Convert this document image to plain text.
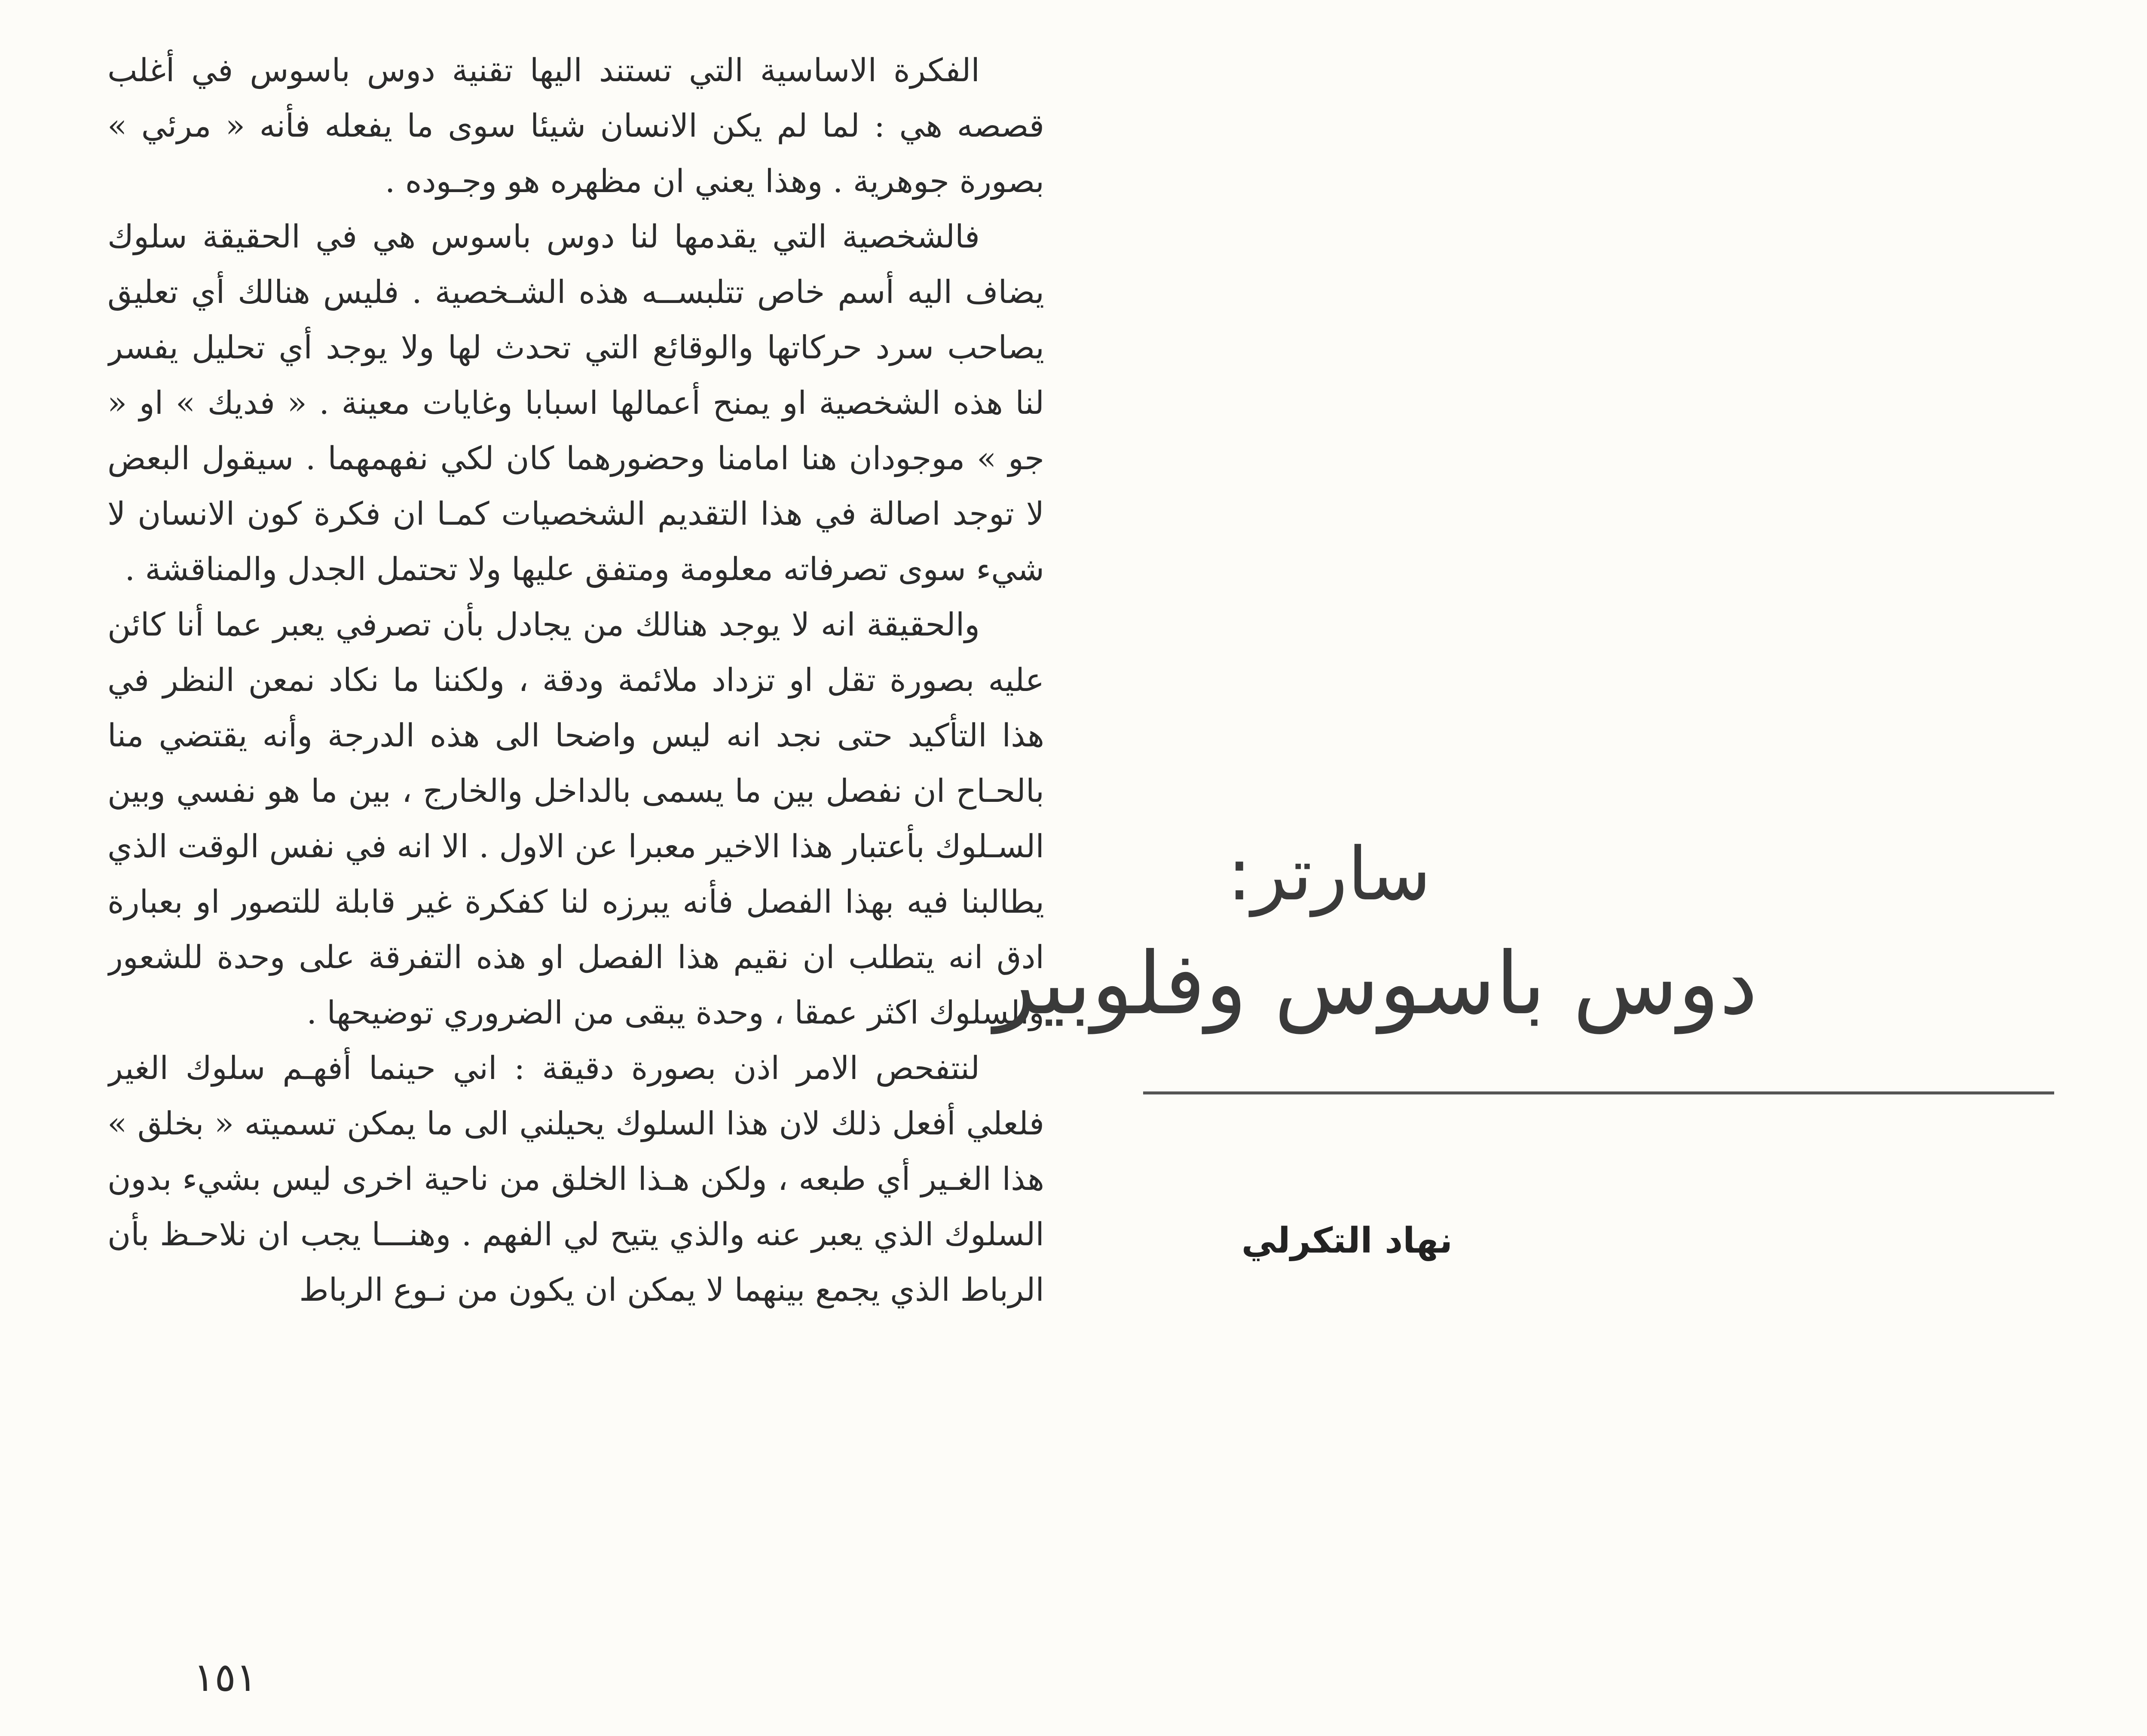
الفكرة الاساسية التي تستند اليها تقنية دوس باسوس في أغلب قصصه هي : لما لم يكن الانسان شيئا سوى ما يفعله فأنه « مرئي » بصورة جوهرية . وهذا يعني ان مظهره هو وجـوده .

فالشخصية التي يقدمها لنا دوس باسوس هي في الحقيقة سلوك يضاف اليه أسم خاص تتلبســه هذه الشـخصية . فليس هنالك أي تعليق يصاحب سرد حركاتها والوقائع التي تحدث لها ولا يوجد أي تحليل يفسر لنا هذه الشخصية او يمنح أعمالها اسبابا وغايات معينة . « فديك » او « جو » موجودان هنا امامنا وحضورهما كان لكي نفهمهما . سيقول البعض لا توجد اصالة في هذا التقديم الشخصيات كمـا ان فكرة كون الانسان لا شيء سوى تصرفاته معلومة ومتفق عليها ولا تحتمل الجدل والمناقشة .

والحقيقة انه لا يوجد هنالك من يجادل بأن تصرفي يعبر عما أنا كائن عليه بصورة تقل او تزداد ملائمة ودقة ، ولكننا ما نكاد نمعن النظر في هذا التأكيد حتى نجد انه ليس واضحا الى هذه الدرجة وأنه يقتضي منا بالحـاح ان نفصل بين ما يسمى بالداخل والخارج ، بين ما هو نفسي وبين السـلوك بأعتبار هذا الاخير معبرا عن الاول . الا انه في نفس الوقت الذي يطالبنا فيه بهذا الفصل فأنه يبرزه لنا كفكرة غير قابلة للتصور او بعبارة ادق انه يتطلب ان نقيم هذا الفصل او هذه التفرقة على وحدة للشعور والسلوك اكثر عمقا ، وحدة يبقى من الضروري توضيحها .

لنتفحص الامر اذن بصورة دقيقة : اني حينما أفهـم سلوك الغير فلعلي أفعل ذلك لان هذا السلوك يحيلني الى ما يمكن تسميته « بخلق » هذا الغـير أي طبعه ، ولكن هـذا الخلق من ناحية اخرى ليس بشيء بدون السلوك الذي يعبر عنه والذي يتيح لي الفهم . وهنـــا يجب ان نلاحـظ بأن الرباط الذي يجمع بينهما لا يمكن ان يكون من نـوع الرباط

سارتر:
دوس باسوس وفلوبير
نهاد التكرلي
١٥١
